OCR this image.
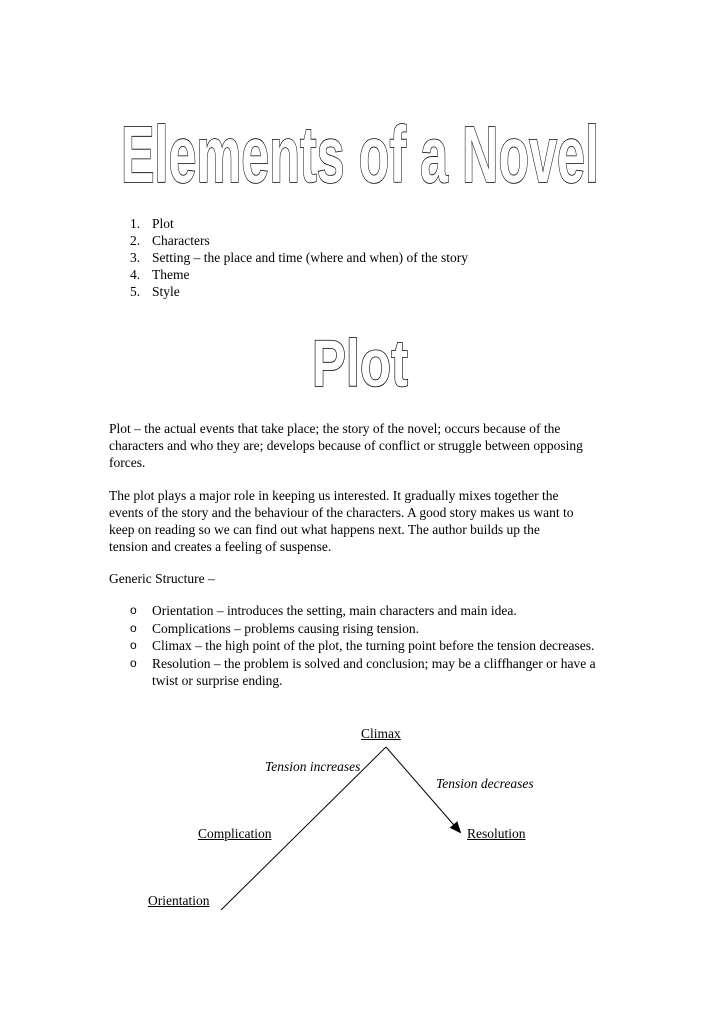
Elements of a Novel
1. Plot
2. Characters
3. Setting – the place and time (where and when) of the story
4. Theme
5. Style
Plot

Plot – the actual events that take place; the story of the novel; occurs because of the
characters and who they are; develops because of conflict or struggle between opposing
forces.

The plot plays a major role in keeping us interested. It gradually mixes together the
events of the story and the behaviour of the characters. A good story makes us want to
keep on reading so we can find out what happens next. The author builds up the
tension and creates a feeling of suspense.

Generic Structure –

o Orientation – introduces the setting, main characters and main idea.
o Complications – problems causing rising tension.
o Climax – the high point of the plot, the turning point before the tension decreases.
o Resolution – the problem is solved and conclusion; may be a cliffhanger or have a twist or surprise ending.
Climax
Tension increases
Tension decreases
Complication	Resolution
Orientation
